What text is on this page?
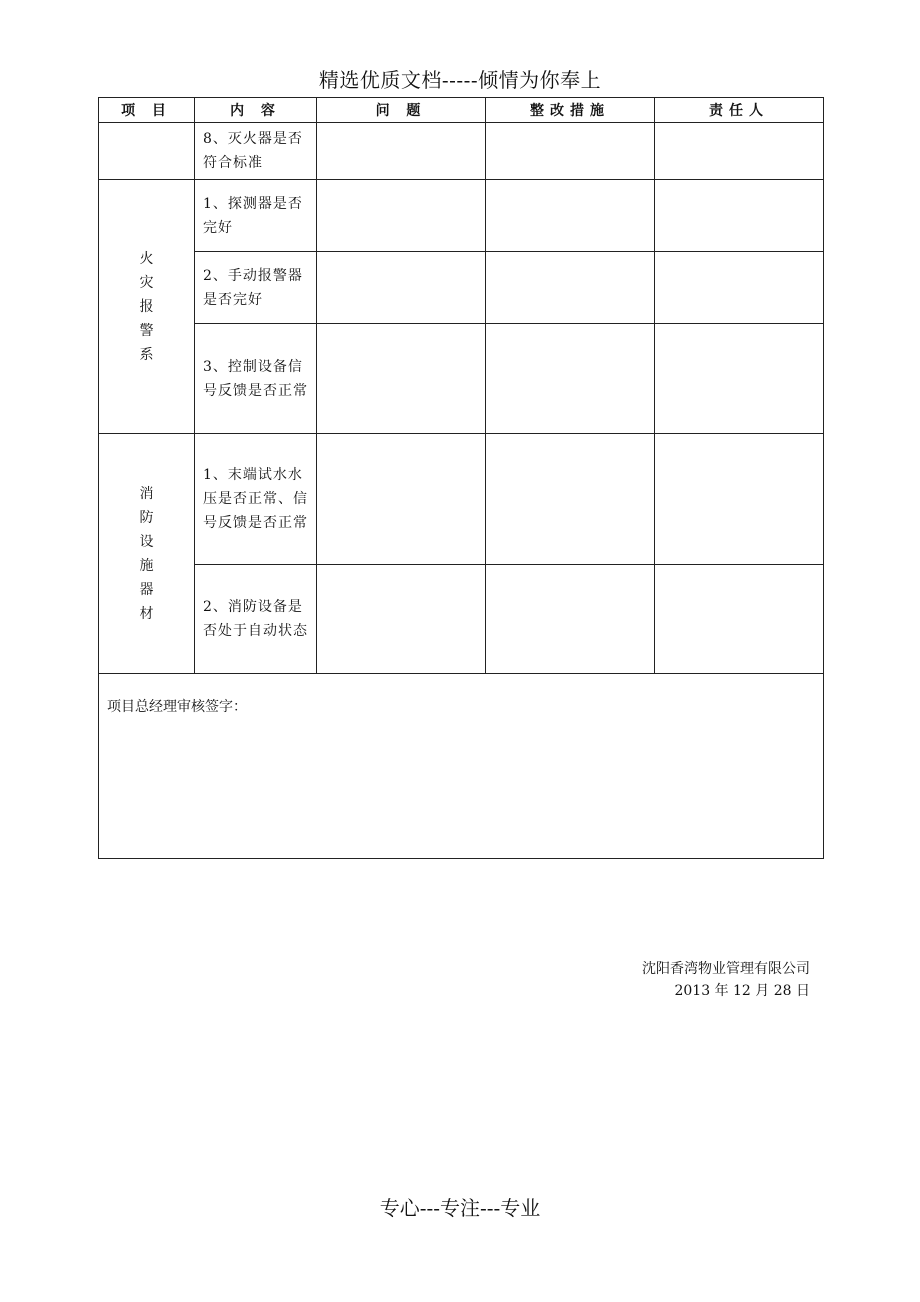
精选优质文档-----倾情为你奉上
项 目	内 容	问 题	整改措施	责任人
	8、灭火器是否符合标准			
火灾报警系	1、探测器是否完好			
	2、手动报警器是否完好			
	3、控制设备信号反馈是否正常			
消防设施器材	1、末端试水水压是否正常、信号反馈是否正常			
	2、消防设备是否处于自动状态			
项目总经理审核签字：				
沈阳香湾物业管理有限公司
2013 年 12 月 28 日
专心---专注---专业
